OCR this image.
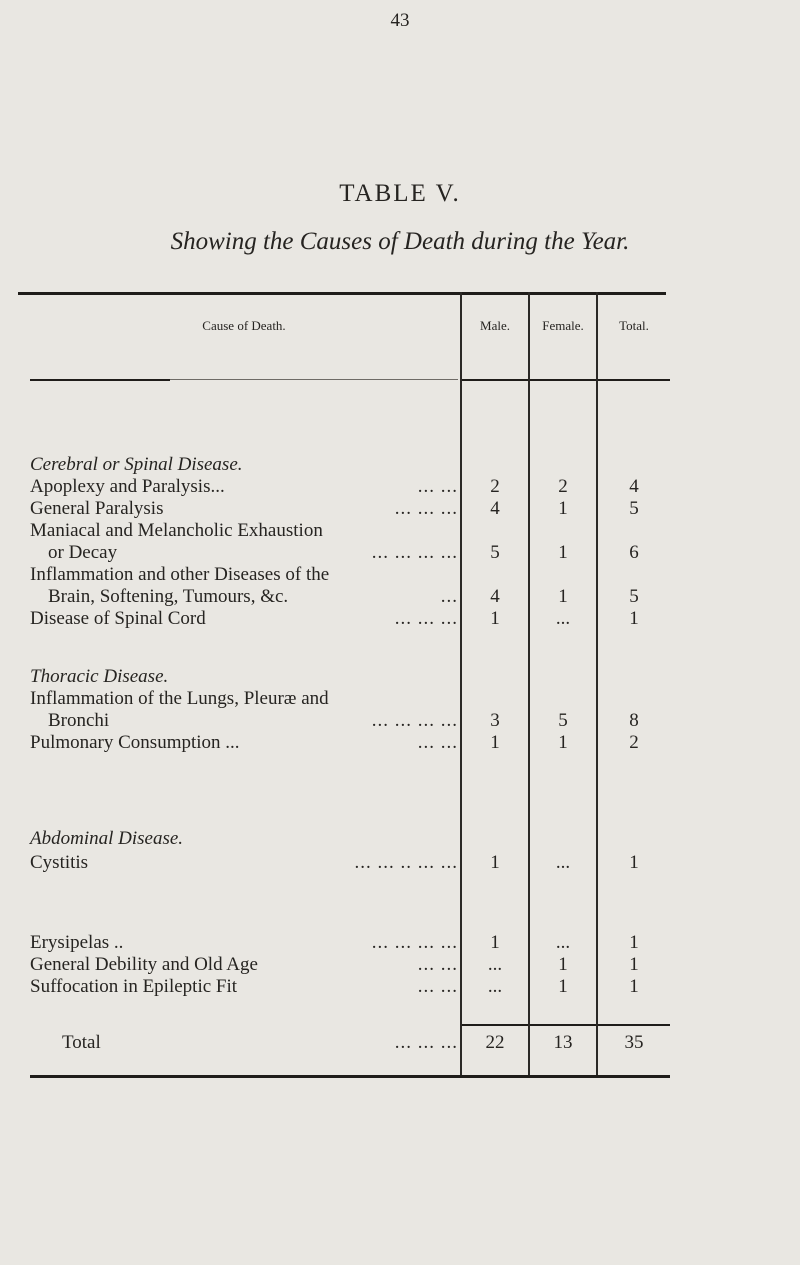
43
TABLE V.
Showing the Causes of Death during the Year.
Cause of Death.	Male.	Female.	Total.
Cerebral or Spinal Disease.
Thoracic Disease.
Abdominal Disease.
Apoplexy and Paralysis...	... ...	2	2	4
General Paralysis	... ... ...	4	1	5
Maniacal and Melancholic Exhaustion
or Decay	... ... ... ...	5	1	6
Inflammation and other Diseases of the
Brain, Softening, Tumours, &c.	...	4	1	5
Disease of Spinal Cord	... ... ...	1	...	1
Inflammation of the Lungs, Pleuræ and
Bronchi	... ... ... ...	3	5	8
Pulmonary Consumption ...	... ...	1	1	2
Cystitis	... ... .. ... ...	1	...	1
Erysipelas ..	... ... ... ...	1	...	1
General Debility and Old Age	... ...	...	1	1
Suffocation in Epileptic Fit	... ...	...	1	1
Total	... ... ...	22	13	35
